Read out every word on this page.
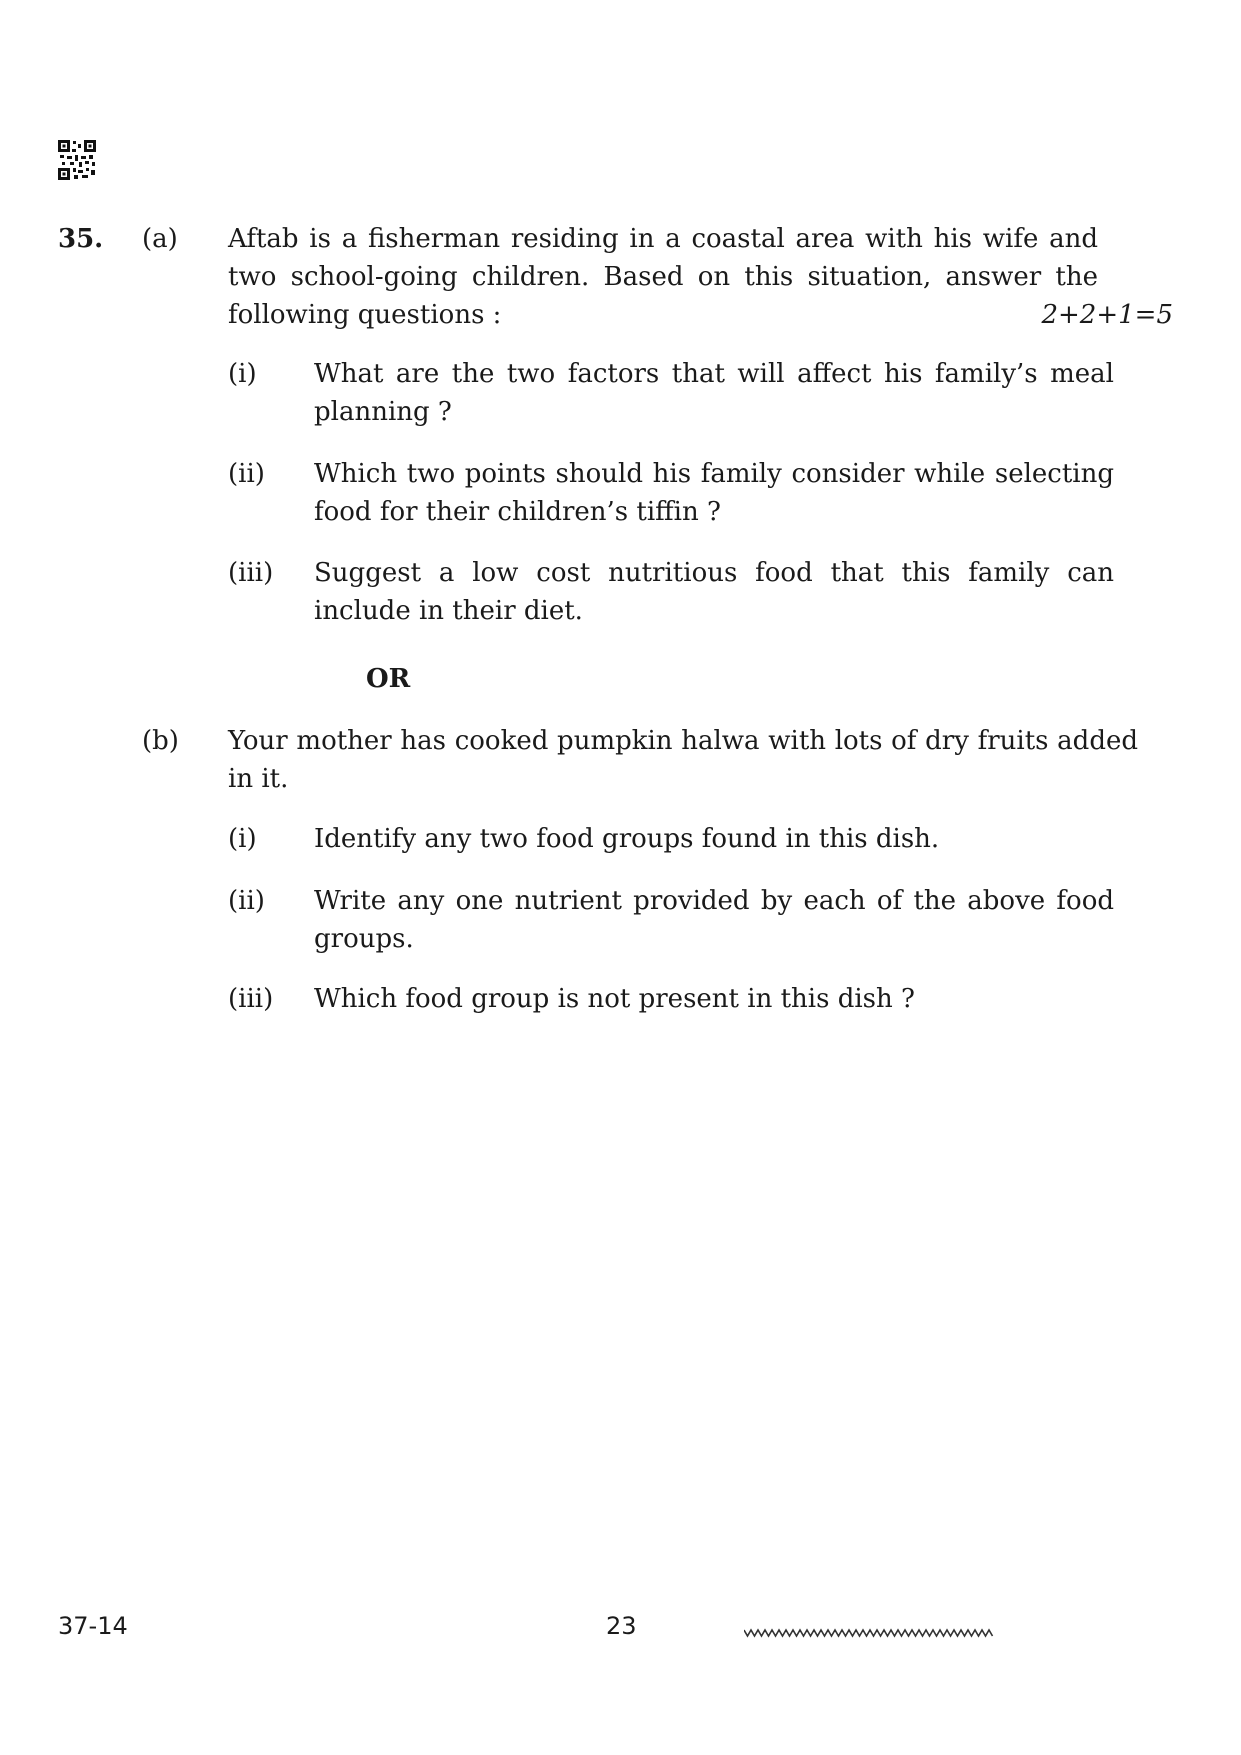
35. (a) Aftab is a fisherman residing in a coastal area with his wife and two school-going children. Based on this situation, answer the following questions :	2+2+1=5
(i) What are the two factors that will affect his family’s meal planning ?
(ii) Which two points should his family consider while selecting food for their children’s tiffin ?
(iii) Suggest a low cost nutritious food that this family can include in their diet.
OR
(b) Your mother has cooked pumpkin halwa with lots of dry fruits added in it.
(i) Identify any two food groups found in this dish.
(ii) Write any one nutrient provided by each of the above food groups.
(iii) Which food group is not present in this dish ?
37-14	23
